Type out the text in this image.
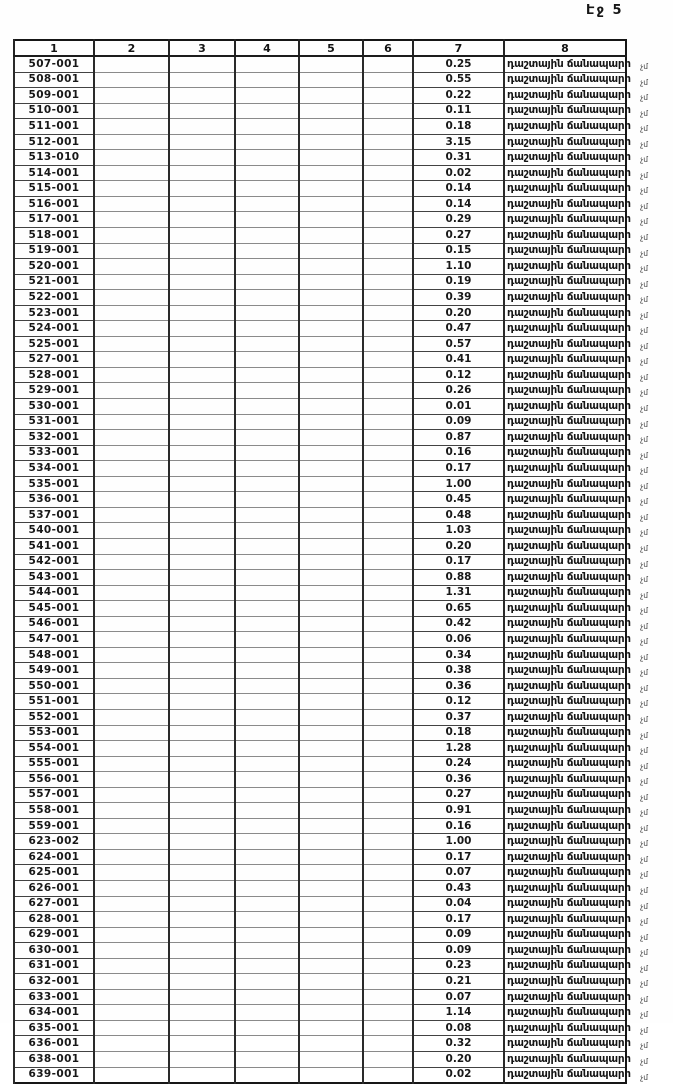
Էջ 5
1	2	3	4	5	6	7	8
507-001						0.25	դաշտային ճանապարհ չմ

508-001						0.55	դաշտային ճանապարհ չմ

509-001						0.22	դաշտային ճանապարհ չմ

510-001						0.11	դաշտային ճանապարհ չմ

511-001						0.18	դաշտային ճանապարհ չմ

512-001						3.15	դաշտային ճանապարհ չմ

513-010						0.31	դաշտային ճանապարհ չմ

514-001						0.02	դաշտային ճանապարհ չմ

515-001						0.14	դաշտային ճանապարհ չմ

516-001						0.14	դաշտային ճանապարհ չմ

517-001						0.29	դաշտային ճանապարհ չմ

518-001						0.27	դաշտային ճանապարհ չմ

519-001						0.15	դաշտային ճանապարհ չմ

520-001						1.10	դաշտային ճանապարհ չմ

521-001						0.19	դաշտային ճանապարհ չմ

522-001						0.39	դաշտային ճանապարհ չմ

523-001						0.20	դաշտային ճանապարհ չմ

524-001						0.47	դաշտային ճանապարհ չմ

525-001						0.57	դաշտային ճանապարհ չմ

527-001						0.41	դաշտային ճանապարհ չմ

528-001						0.12	դաշտային ճանապարհ չմ

529-001						0.26	դաշտային ճանապարհ չմ

530-001						0.01	դաշտային ճանապարհ չմ

531-001						0.09	դաշտային ճանապարհ չմ

532-001						0.87	դաշտային ճանապարհ չմ

533-001						0.16	դաշտային ճանապարհ չմ

534-001						0.17	դաշտային ճանապարհ չմ

535-001						1.00	դաշտային ճանապարհ չմ

536-001						0.45	դաշտային ճանապարհ չմ

537-001						0.48	դաշտային ճանապարհ չմ

540-001						1.03	դաշտային ճանապարհ չմ

541-001						0.20	դաշտային ճանապարհ չմ

542-001						0.17	դաշտային ճանապարհ չմ

543-001						0.88	դաշտային ճանապարհ չմ

544-001						1.31	դաշտային ճանապարհ չմ

545-001						0.65	դաշտային ճանապարհ չմ

546-001						0.42	դաշտային ճանապարհ չմ

547-001						0.06	դաշտային ճանապարհ չմ

548-001						0.34	դաշտային ճանապարհ չմ

549-001						0.38	դաշտային ճանապարհ չմ

550-001						0.36	դաշտային ճանապարհ չմ

551-001						0.12	դաշտային ճանապարհ չմ

552-001						0.37	դաշտային ճանապարհ չմ

553-001						0.18	դաշտային ճանապարհ չմ

554-001						1.28	դաշտային ճանապարհ չմ

555-001						0.24	դաշտային ճանապարհ չմ

556-001						0.36	դաշտային ճանապարհ չմ

557-001						0.27	դաշտային ճանապարհ չմ

558-001						0.91	դաշտային ճանապարհ չմ

559-001						0.16	դաշտային ճանապարհ չմ

623-002						1.00	դաշտային ճանապարհ չմ

624-001						0.17	դաշտային ճանապարհ չմ

625-001						0.07	դաշտային ճանապարհ չմ

626-001						0.43	դաշտային ճանապարհ չմ

627-001						0.04	դաշտային ճանապարհ չմ

628-001						0.17	դաշտային ճանապարհ չմ

629-001						0.09	դաշտային ճանապարհ չմ

630-001						0.09	դաշտային ճանապարհ չմ

631-001						0.23	դաշտային ճանապարհ չմ

632-001						0.21	դաշտային ճանապարհ չմ

633-001						0.07	դաշտային ճանապարհ չմ

634-001						1.14	դաշտային ճանապարհ չմ

635-001						0.08	դաշտային ճանապարհ չմ

636-001						0.32	դաշտային ճանապարհ չմ

638-001						0.20	դաշտային ճանապարհ չմ

639-001						0.02	դաշտային ճանապարհ չմ
